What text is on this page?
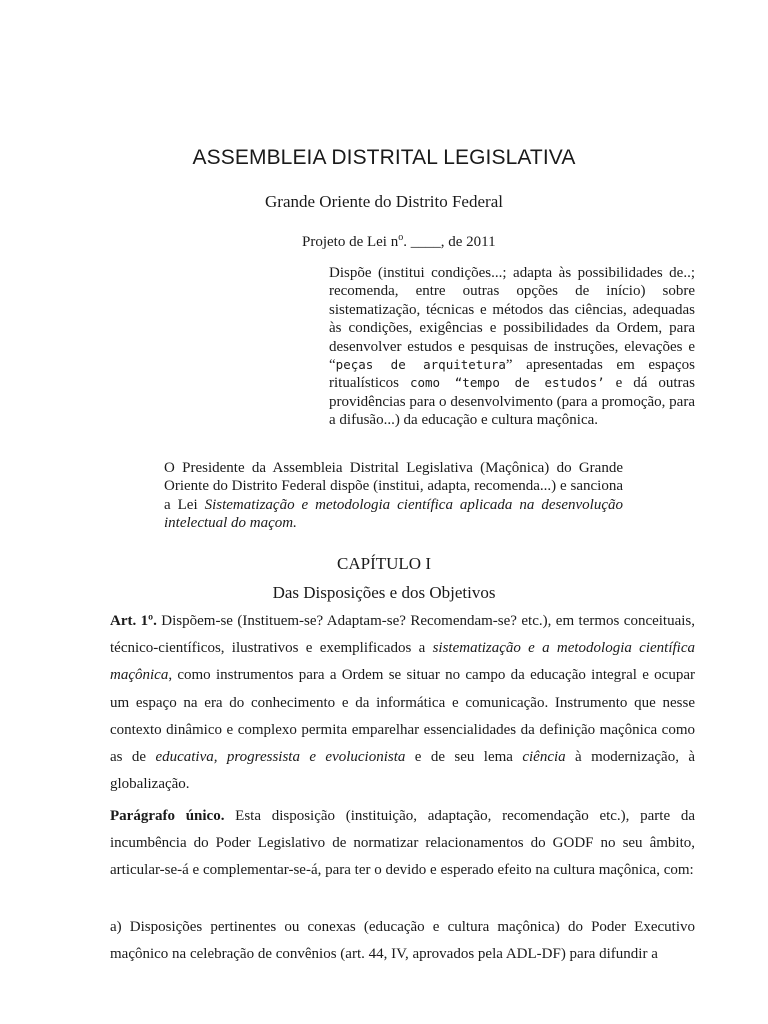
ASSEMBLEIA DISTRITAL LEGISLATIVA
Grande Oriente do Distrito Federal
Projeto de Lei $n^o$. ____, de 2011
Dispõe (institui condições...; adapta às possibilidades de..; recomenda, entre outras opções de início) sobre sistematização, técnicas e métodos das ciências, adequadas às condições, exigências e possibilidades da Ordem, para desenvolver estudos e pesquisas de instruções, elevações e “peças de arquitetura” apresentadas em espaços ritualísticos como “tempo de estudos’ e dá outras providências para o desenvolvimento (para a promoção, para a difusão...) da educação e cultura maçônica.
O Presidente da Assembleia Distrital Legislativa (Maçônica) do Grande Oriente do Distrito Federal dispõe (institui, adapta, recomenda...) e sanciona a Lei Sistematização e metodologia científica aplicada na desenvolução intelectual do maçom.
CAPÍTULO I
Das Disposições e dos Objetivos
Art. 1º. Dispõem-se (Instituem-se? Adaptam-se? Recomendam-se? etc.), em termos conceituais, técnico-científicos, ilustrativos e exemplificados a sistematização e a metodologia científica maçônica, como instrumentos para a Ordem se situar no campo da educação integral e ocupar um espaço na era do conhecimento e da informática e comunicação. Instrumento que nesse contexto dinâmico e complexo permita emparelhar essencialidades da definição maçônica como as de educativa, progressista e evolucionista e de seu lema ciência à modernização, à globalização.
Parágrafo único. Esta disposição (instituição, adaptação, recomendação etc.), parte da incumbência do Poder Legislativo de normatizar relacionamentos do GODF no seu âmbito, articular-se-á e complementar-se-á, para ter o devido e esperado efeito na cultura maçônica, com:
a) Disposições pertinentes ou conexas (educação e cultura maçônica) do Poder Executivo maçônico na celebração de convênios (art. 44, IV, aprovados pela ADL-DF) para difundir a
